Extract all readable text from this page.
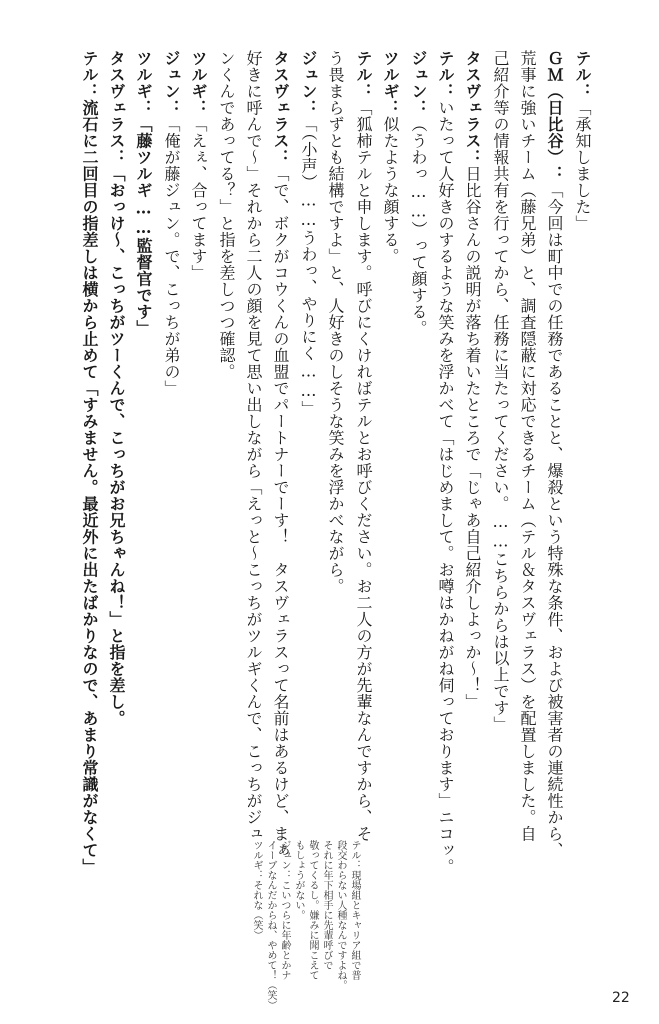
テル：「承知しました」
ＧＭ（日比谷）：「今回は町中での任務であることと、爆殺という特殊な条件、および被害者の連続性から、
荒事に強いチーム（藤兄弟）と、調査隠蔽に対応できるチーム（テル＆タスヴェラス）を配置しました。自
己紹介等の情報共有を行ってから、任務に当たってください。……こちらからは以上です」
タスヴェラス：日比谷さんの説明が落ち着いたところで「じゃあ自己紹介しよっか〜！」
テル：いたって人好きのするような笑みを浮かべて「はじめまして。お噂はかねがね伺っております」ニコッ。
ジュン：（うわっ……）って顔する。
ツルギ：似たような顔する。
テル：「狐柿テルと申します。呼びにくければテルとお呼びください。お二人の方が先輩なんですから、そ
う畏まらずとも結構ですよ」と、人好きのしそうな笑みを浮かべながら。
ジュン：「（小声）……うわっ、やりにく……」
タスヴェラス：「で、ボクがコウくんの血盟でパートナーでーす！　タスヴェラスって名前はあるけど、まぁ
好きに呼んで〜」それから二人の顔を見て思い出しながら「えっと〜こっちがツルギくんで、こっちがジュ
ンくんであってる？」と指を差しつつ確認。
ツルギ：「えぇ、合ってます」
ジュン：「俺が藤ジュン。で、こっちが弟の」
ツルギ：「藤ツルギ……監督官です」
タスヴェラス：「おっけ〜、こっちがツーくんで、こっちがお兄ちゃんね！」と指を差し。
テル：流石に二回目の指差しは横から止めて「すみません。最近外に出たばかりなので、あまり常識がなくて」
テル：現場組とキャリア組で普
段交わらない人種なんですよね。
それに年下相手に先輩呼びで
敬ってくるし。嫌みに聞こえて
もしょうがない。
ジュン：こいつらに年齢とかナ
イーブなんだからね、やめて！（笑）
ツルギ：それな（笑）
22
